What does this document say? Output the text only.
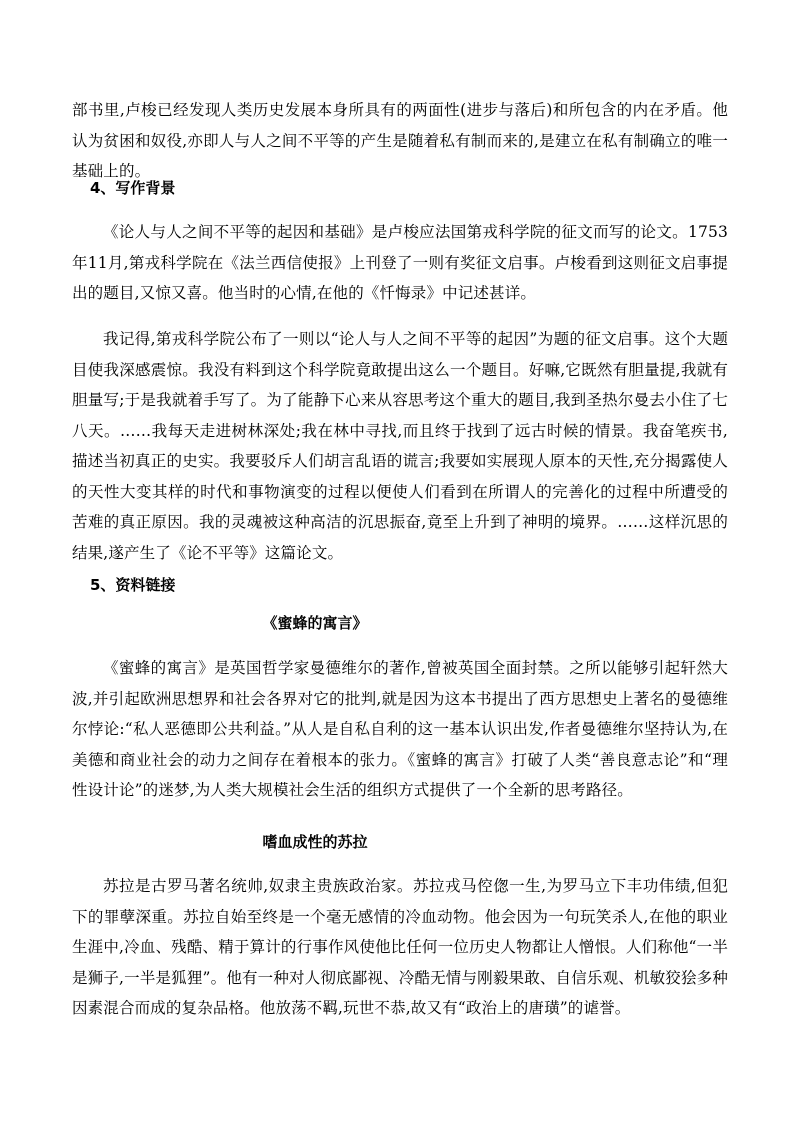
部书里,卢梭已经发现人类历史发展本身所具有的两面性(进步与落后)和所包含的内在矛盾。他认为贫困和奴役,亦即人与人之间不平等的产生是随着私有制而来的,是建立在私有制确立的唯一基础上的。

4、写作背景

《论人与人之间不平等的起因和基础》是卢梭应法国第戎科学院的征文而写的论文。1753年11月,第戎科学院在《法兰西信使报》上刊登了一则有奖征文启事。卢梭看到这则征文启事提出的题目,又惊又喜。他当时的心情,在他的《忏悔录》中记述甚详。

我记得,第戎科学院公布了一则以“论人与人之间不平等的起因”为题的征文启事。这个大题目使我深感震惊。我没有料到这个科学院竟敢提出这么一个题目。好嘛,它既然有胆量提,我就有胆量写;于是我就着手写了。为了能静下心来从容思考这个重大的题目,我到圣热尔曼去小住了七八天。……我每天走进树林深处;我在林中寻找,而且终于找到了远古时候的情景。我奋笔疾书,描述当初真正的史实。我要驳斥人们胡言乱语的谎言;我要如实展现人原本的天性,充分揭露使人的天性大变其样的时代和事物演变的过程以便使人们看到在所谓人的完善化的过程中所遭受的苦难的真正原因。我的灵魂被这种高洁的沉思振奋,竟至上升到了神明的境界。……这样沉思的结果,遂产生了《论不平等》这篇论文。

5、资料链接

《蜜蜂的寓言》

《蜜蜂的寓言》是英国哲学家曼德维尔的著作,曾被英国全面封禁。之所以能够引起轩然大波,并引起欧洲思想界和社会各界对它的批判,就是因为这本书提出了西方思想史上著名的曼德维尔悖论:“私人恶德即公共利益。”从人是自私自利的这一基本认识出发,作者曼德维尔坚持认为,在美德和商业社会的动力之间存在着根本的张力。《蜜蜂的寓言》打破了人类“善良意志论”和“理性设计论”的迷梦,为人类大规模社会生活的组织方式提供了一个全新的思考路径。

嗜血成性的苏拉

苏拉是古罗马著名统帅,奴隶主贵族政治家。苏拉戎马倥偬一生,为罗马立下丰功伟绩,但犯下的罪孽深重。苏拉自始至终是一个毫无感情的冷血动物。他会因为一句玩笑杀人,在他的职业生涯中,冷血、残酷、精于算计的行事作风使他比任何一位历史人物都让人憎恨。人们称他“一半是狮子,一半是狐狸”。他有一种对人彻底鄙视、冷酷无情与刚毅果敢、自信乐观、机敏狡狯多种因素混合而成的复杂品格。他放荡不羁,玩世不恭,故又有“政治上的唐璜”的谑誉。
